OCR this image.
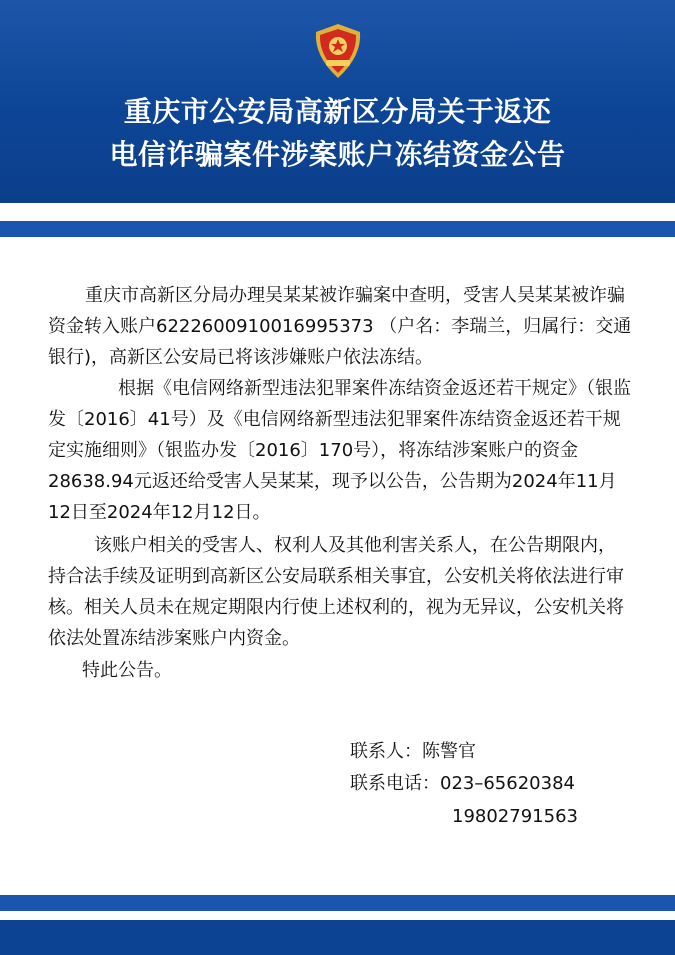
重庆市公安局高新区分局关于返还
电信诈骗案件涉案账户冻结资金公告
重庆市高新区分局办理吴某某被诈骗案中查明，受害人吴某某被诈骗资金转入账户6222600910016995373 （户名：李瑞兰，归属行：交通银行)，高新区公安局已将该涉嫌账户依法冻结。
根据《电信网络新型违法犯罪案件冻结资金返还若干规定》（银监发〔2016〕41号）及《电信网络新型违法犯罪案件冻结资金返还若干规定实施细则》（银监办发〔2016〕170号），将冻结涉案账户的资金28638.94元返还给受害人吴某某，现予以公告，公告期为2024年11月12日至2024年12月12日。
该账户相关的受害人、权利人及其他利害关系人，在公告期限内，持合法手续及证明到高新区公安局联系相关事宜，公安机关将依法进行审核。相关人员未在规定期限内行使上述权利的，视为无异议，公安机关将依法处置冻结涉案账户内资金。
特此公告。
联系人：陈警官
联系电话：023–65620384
19802791563
